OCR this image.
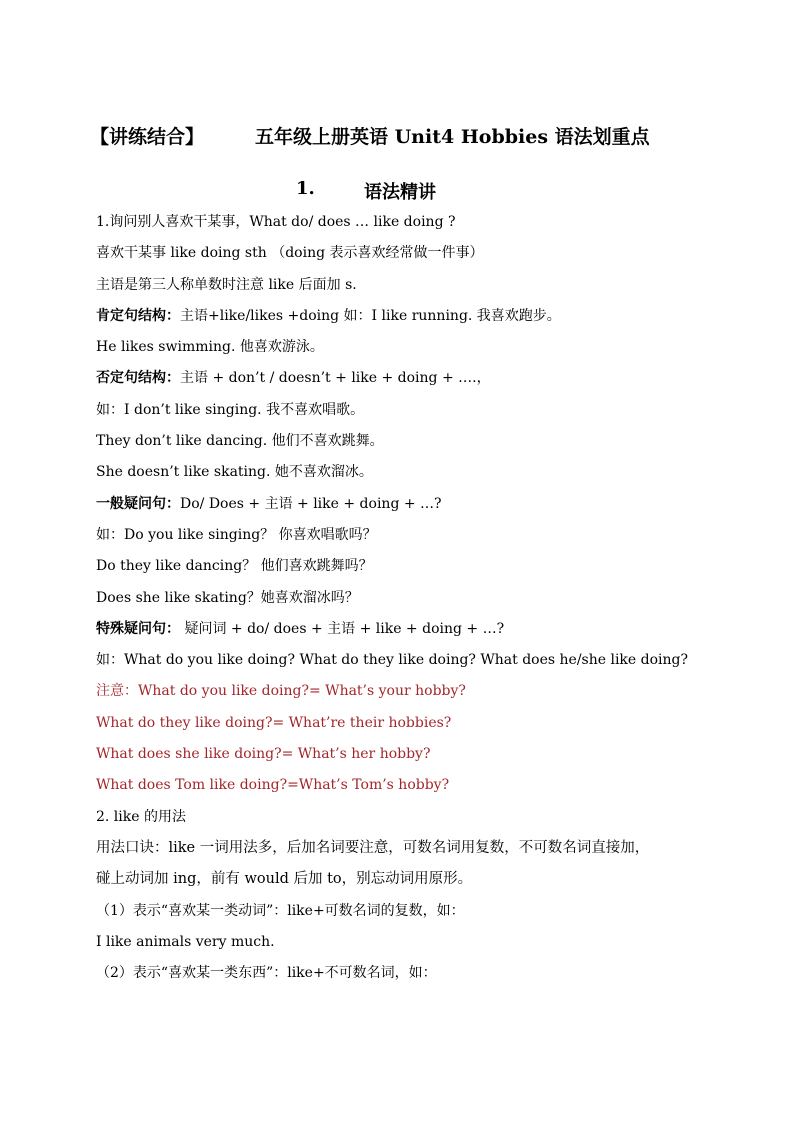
【讲练结合】	五年级上册英语 Unit4 Hobbies 语法划重点
1.	语法精讲
1.询问别人喜欢干某事，What do/ does … like doing ?
喜欢干某事 like doing sth （doing 表示喜欢经常做一件事）
主语是第三人称单数时注意 like 后面加 s.
肯定句结构：主语+like/likes +doing 如：I like running. 我喜欢跑步。
He likes swimming. 他喜欢游泳。
否定句结构：主语 + don’t / doesn’t + like + doing + ….，
如：I don’t like singing. 我不喜欢唱歌。
They don’t like dancing. 他们不喜欢跳舞。
She doesn’t like skating. 她不喜欢溜冰。
一般疑问句：Do/ Does + 主语 + like + doing + …?
如：Do you like singing？ 你喜欢唱歌吗？
Do they like dancing？ 他们喜欢跳舞吗？
Does she like skating？她喜欢溜冰吗？
特殊疑问句： 疑问词 + do/ does + 主语 + like + doing + …?
如：What do you like doing? What do they like doing? What does he/she like doing?
注意：What do you like doing?= What’s your hobby?
What do they like doing?= What’re their hobbies?
What does she like doing?= What’s her hobby?
What does Tom like doing?=What’s Tom’s hobby?
2. like 的用法
用法口诀：like 一词用法多，后加名词要注意，可数名词用复数，不可数名词直接加，
碰上动词加 ing，前有 would 后加 to，别忘动词用原形。
（1）表示“喜欢某一类动词”：like+可数名词的复数，如：
I like animals very much.
（2）表示“喜欢某一类东西”：like+不可数名词，如：
